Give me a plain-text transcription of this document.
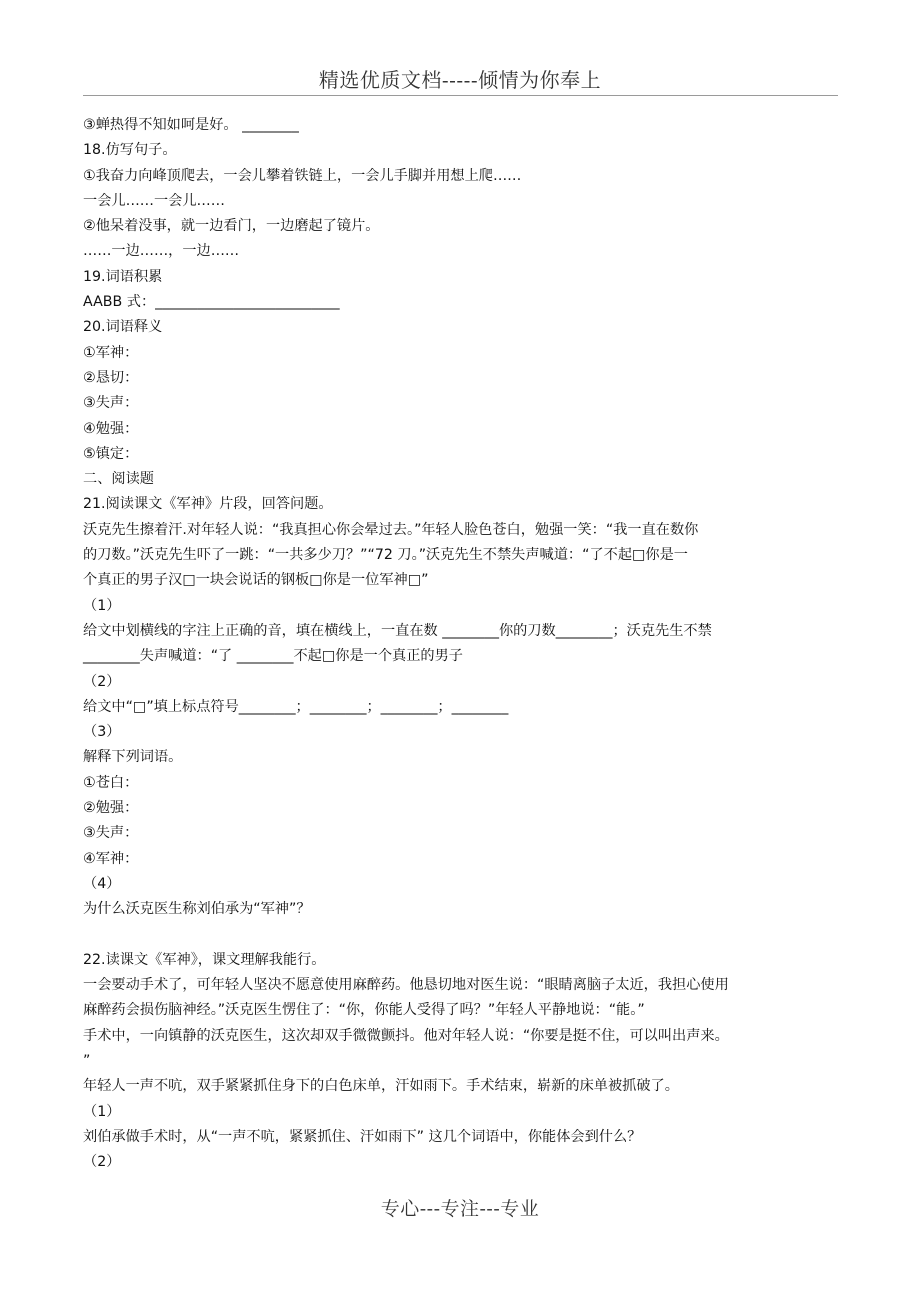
精选优质文档-----倾情为你奉上
③蝉热得不知如呵是好。 ________
18.仿写句子。
①我奋力向峰顶爬去，一会儿攀着铁链上，一会儿手脚并用想上爬……
一会儿……一会儿……
②他呆着没事，就一边看门，一边磨起了镜片。
……一边……，一边……
19.词语积累
AABB 式：__________________________
20.词语释义
①军神：
②恳切：
③失声：
④勉强：
⑤镇定：
二、阅读题
21.阅读课文《军神》片段，回答问题。
沃克先生擦着汗.对年轻人说：“我真担心你会晕过去。”年轻人脸色苍白，勉强一笑：“我一直在数你
的刀数。”沃克先生吓了一跳：“一共多少刀？”“72 刀。”沃克先生不禁失声喊道：“了不起□你是一
个真正的男子汉□一块会说话的钢板□你是一位军神□”
（1）
给文中划横线的字注上正确的音，填在横线上，一直在数 ________你的刀数________；沃克先生不禁
________失声喊道：“了 ________不起□你是一个真正的男子
（2）
给文中“□”填上标点符号________；________；________；________
（3）
解释下列词语。
①苍白：
②勉强：
③失声：
④军神：
（4）
为什么沃克医生称刘伯承为“军神”？
22.读课文《军神》，课文理解我能行。
一会要动手术了，可年轻人坚决不愿意使用麻醉药。他恳切地对医生说：“眼睛离脑子太近，我担心使用
麻醉药会损伤脑神经。”沃克医生愣住了：“你，你能人受得了吗？”年轻人平静地说：“能。”
手术中，一向镇静的沃克医生，这次却双手微微颤抖。他对年轻人说：“你要是挺不住，可以叫出声来。
”
年轻人一声不吭，双手紧紧抓住身下的白色床单，汗如雨下。手术结束，崭新的床单被抓破了。
（1）
刘伯承做手术时，从“一声不吭，紧紧抓住、汗如雨下” 这几个词语中，你能体会到什么？
（2）
专心---专注---专业
